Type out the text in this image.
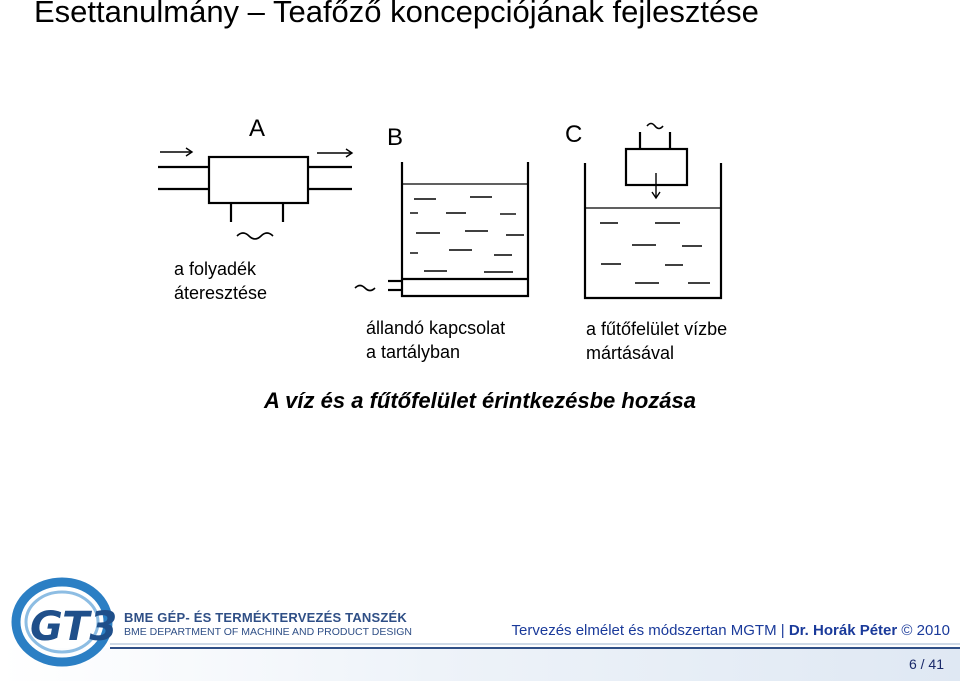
Esettanulmány – Teafőző koncepciójának fejlesztése
A	B	C
a folyadék
áteresztése
állandó kapcsolat
a tartályban
a fűtőfelület vízbe
mártásával
A víz és a fűtőfelület érintkezésbe hozása
GT3 BME GÉP- ÉS TERMÉKTERVEZÉS TANSZÉK
BME DEPARTMENT OF MACHINE AND PRODUCT DESIGN	Tervezés elmélet és módszertan MGTM | Dr. Horák Péter © 2010
6 / 41
